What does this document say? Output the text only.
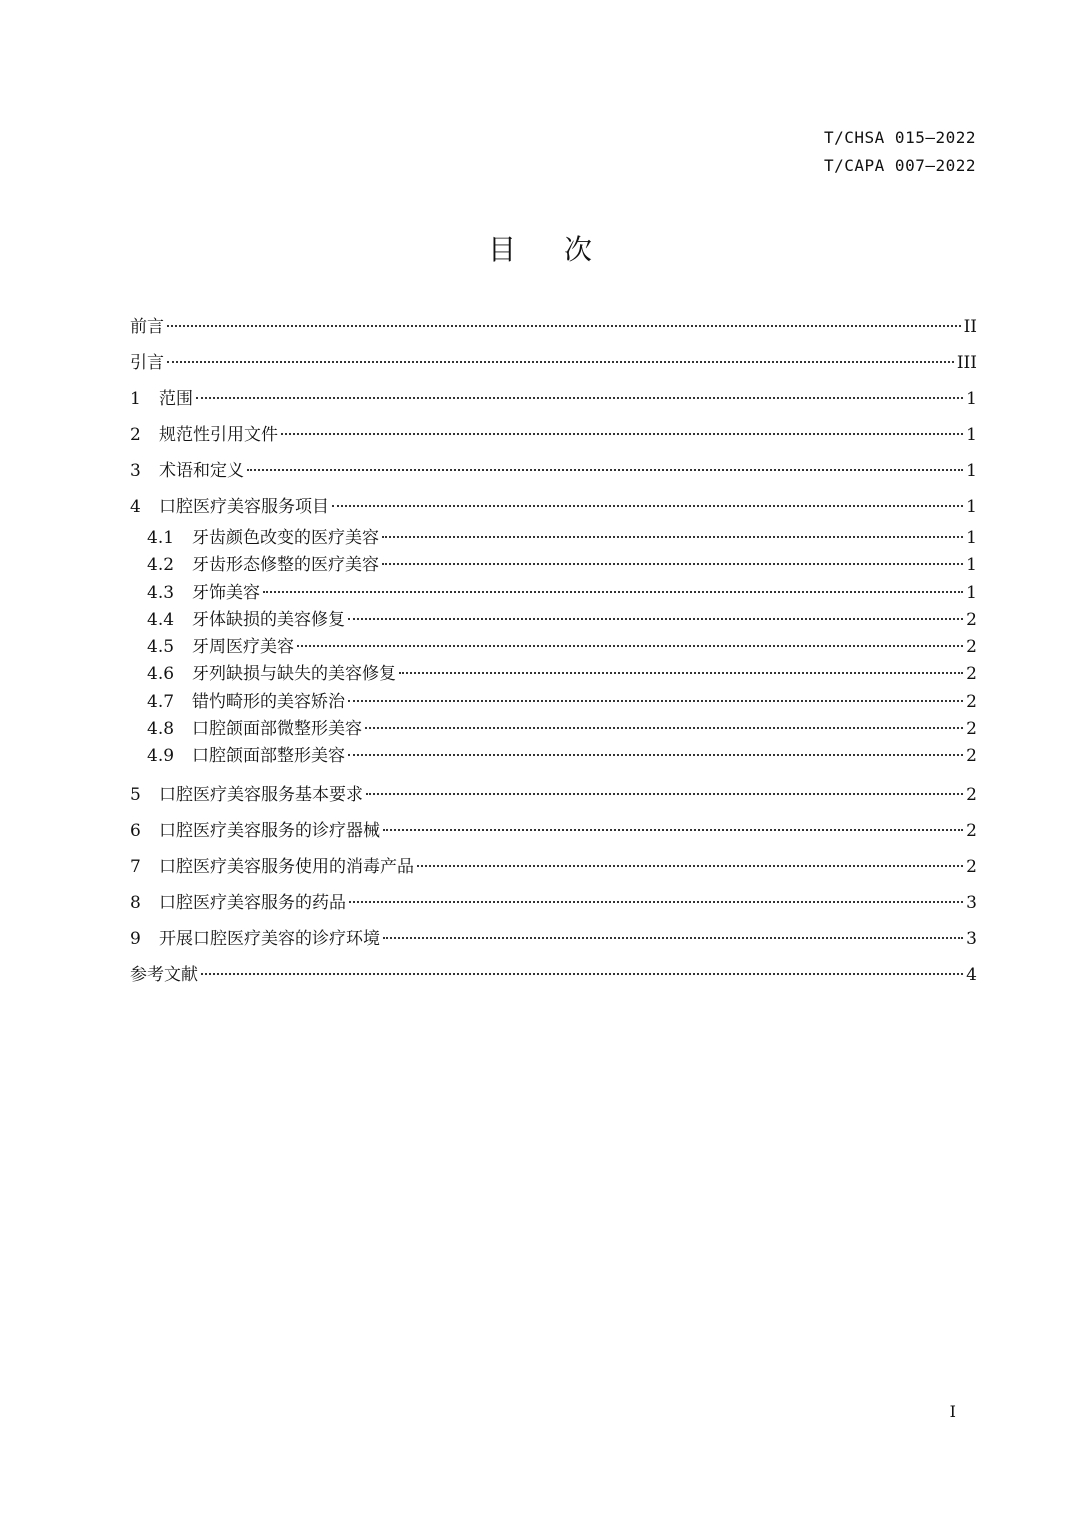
T/CHSA 015—2022
T/CAPA 007—2022
目次
前言	II
引言	III
1	范围	1
2	规范性引用文件	1
3	术语和定义	1
4	口腔医疗美容服务项目	1
4.1	牙齿颜色改变的医疗美容	1
4.2	牙齿形态修整的医疗美容	1
4.3	牙饰美容	1
4.4	牙体缺损的美容修复	2
4.5	牙周医疗美容	2
4.6	牙列缺损与缺失的美容修复	2
4.7	错㣿畸形的美容矫治	2
4.8	口腔颌面部微整形美容	2
4.9	口腔颌面部整形美容	2
5	口腔医疗美容服务基本要求	2
6	口腔医疗美容服务的诊疗器械	2
7	口腔医疗美容服务使用的消毒产品	2
8	口腔医疗美容服务的药品	3
9	开展口腔医疗美容的诊疗环境	3
参考文献	4
I
